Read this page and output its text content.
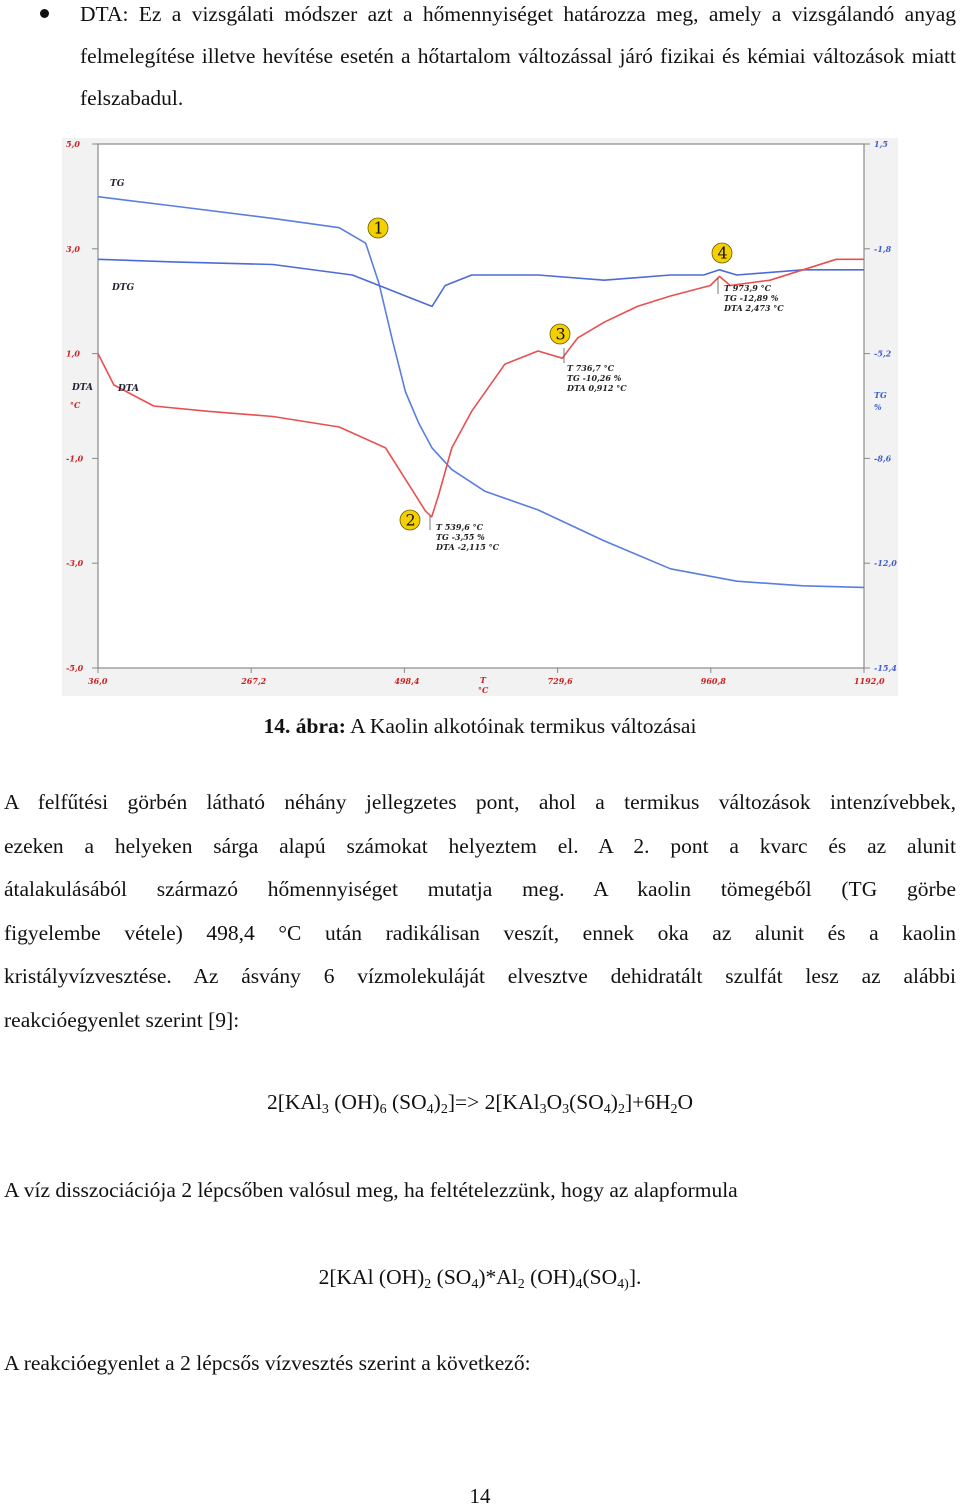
DTA: Ez a vizsgálati módszer azt a hőmennyiséget határozza meg, amely a vizsgálandó anyag felmelegítése illetve hevítése esetén a hőtartalom változással járó fizikai és kémiai változások miatt felszabadul.
5,0
3,0
1,0
-1,0
-3,0
-5,0
1,5
-1,8
-5,2
-8,6
-12,0
-15,4
36,0	267,2	498,4	729,6	960,8	1192,0
T
°C
DTA
°C
TG
%
TG
DTG
DTA
1
2
3
4
T 539,6 °C
TG -3,55 %
DTA -2,115 °C
T 736,7 °C
TG -10,26 %
DTA 0,912 °C
T 973,9 °C
TG -12,89 %
DTA 2,473 °C
14. ábra: A Kaolin alkotóinak termikus változásai
A felfűtési görbén látható néhány jellegzetes pont, ahol a termikus változások intenzívebbek,
ezeken a helyeken sárga alapú számokat helyeztem el. A 2. pont a kvarc és az alunit
átalakulásából származó hőmennyiséget mutatja meg. A kaolin tömegéből (TG görbe
figyelembe vétele) 498,4 °C után radikálisan veszít, ennek oka az alunit és a kaolin
kristályvízvesztése. Az ásvány 6 vízmolekuláját elvesztve dehidratált szulfát lesz az alábbi
reakcióegyenlet szerint [9]:
2[KAl$_3$ $(OH)_6$ $(SO_4)_2]=> 2[KAl_3O_3(SO_4)_2]+6H_2O$
A víz disszociációja 2 lépcsőben valósul meg, ha feltételezzünk, hogy az alapformula
2[KAl $(OH)_2$ $(SO_4)*Al_2$ $(OH)_4(SO_{4)}]$.
A reakcióegyenlet a 2 lépcsős vízvesztés szerint a következő:
14
